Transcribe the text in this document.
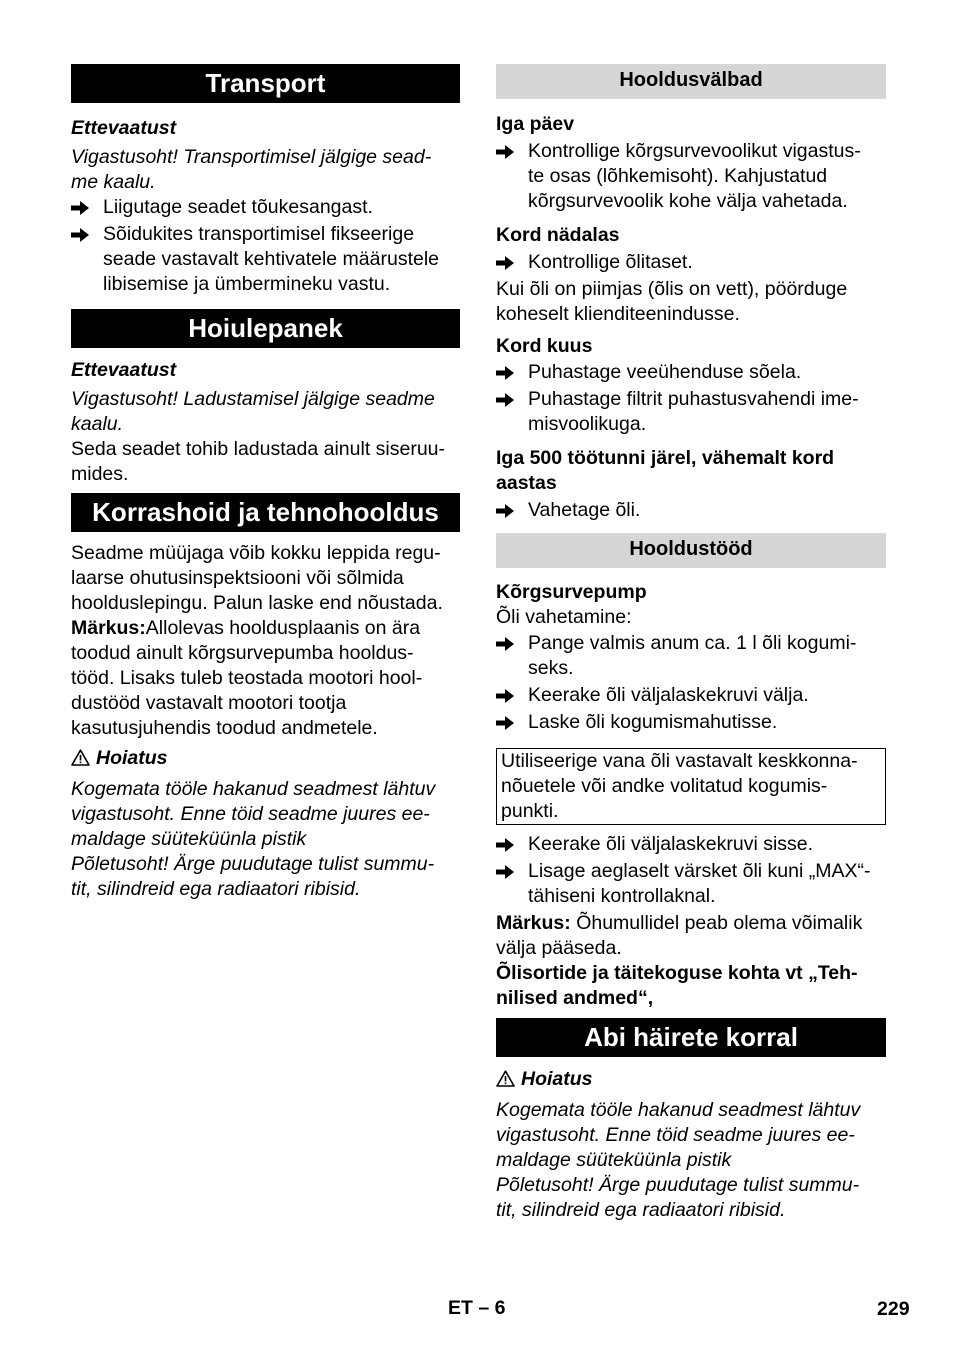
Transport

Ettevaatust

Vigastusoht! Transportimisel jälgige sead-

me kaalu.

Liigutage seadet tõukesangast.

Sõidukites transportimisel fikseerige

seade vastavalt kehtivatele määrustele

libisemise ja ümbermineku vastu.

Hoiulepanek

Ettevaatust

Vigastusoht! Ladustamisel jälgige seadme

kaalu.

Seda seadet tohib ladustada ainult siseruu-

mides.

Korrashoid ja tehnohooldus

Seadme müüjaga võib kokku leppida regu-

laarse ohutusinspektsiooni või sõlmida

hoolduslepingu. Palun laske end nõustada.

Märkus:Allolevas hooldusplaanis on ära

toodud ainult kõrgsurvepumba hooldus-

tööd. Lisaks tuleb teostada mootori hool-

dustööd vastavalt mootori tootja

kasutusjuhendis toodud andmetele.

Hoiatus

Kogemata tööle hakanud seadmest lähtuv

vigastusoht. Enne töid seadme juures ee-

maldage süüteküünla pistik

Põletusoht! Ärge puudutage tulist summu-

tit, silindreid ega radiaatori ribisid.

Hooldusvälbad

Iga päev

Kontrollige kõrgsurvevoolikut vigastus-

te osas (lõhkemisoht). Kahjustatud

kõrgsurvevoolik kohe välja vahetada.

Kord nädalas

Kontrollige õlitaset.

Kui õli on piimjas (õlis on vett), pöörduge

koheselt klienditeenindusse.

Kord kuus

Puhastage veeühenduse sõela.

Puhastage filtrit puhastusvahendi ime-

misvoolikuga.

Iga 500 töötunni järel, vähemalt kord

aastas

Vahetage õli.

Hooldustööd

Kõrgsurvepump

Õli vahetamine:

Pange valmis anum ca. 1 l õli kogumi-

seks.

Keerake õli väljalaskekruvi välja.

Laske õli kogumismahutisse.

Utiliseerige vana õli vastavalt keskkonna-

nõuetele või andke volitatud kogumis-

punkti.

Keerake õli väljalaskekruvi sisse.

Lisage aeglaselt värsket õli kuni „MAX“-

tähiseni kontrollaknal.

Märkus: Õhumullidel peab olema võimalik

välja pääseda.

Õlisortide ja täitekoguse kohta vt „Teh-

nilised andmed“,

Abi häirete korral

Hoiatus

Kogemata tööle hakanud seadmest lähtuv

vigastusoht. Enne töid seadme juures ee-

maldage süüteküünla pistik

Põletusoht! Ärge puudutage tulist summu-

tit, silindreid ega radiaatori ribisid.

ET – 6	229
